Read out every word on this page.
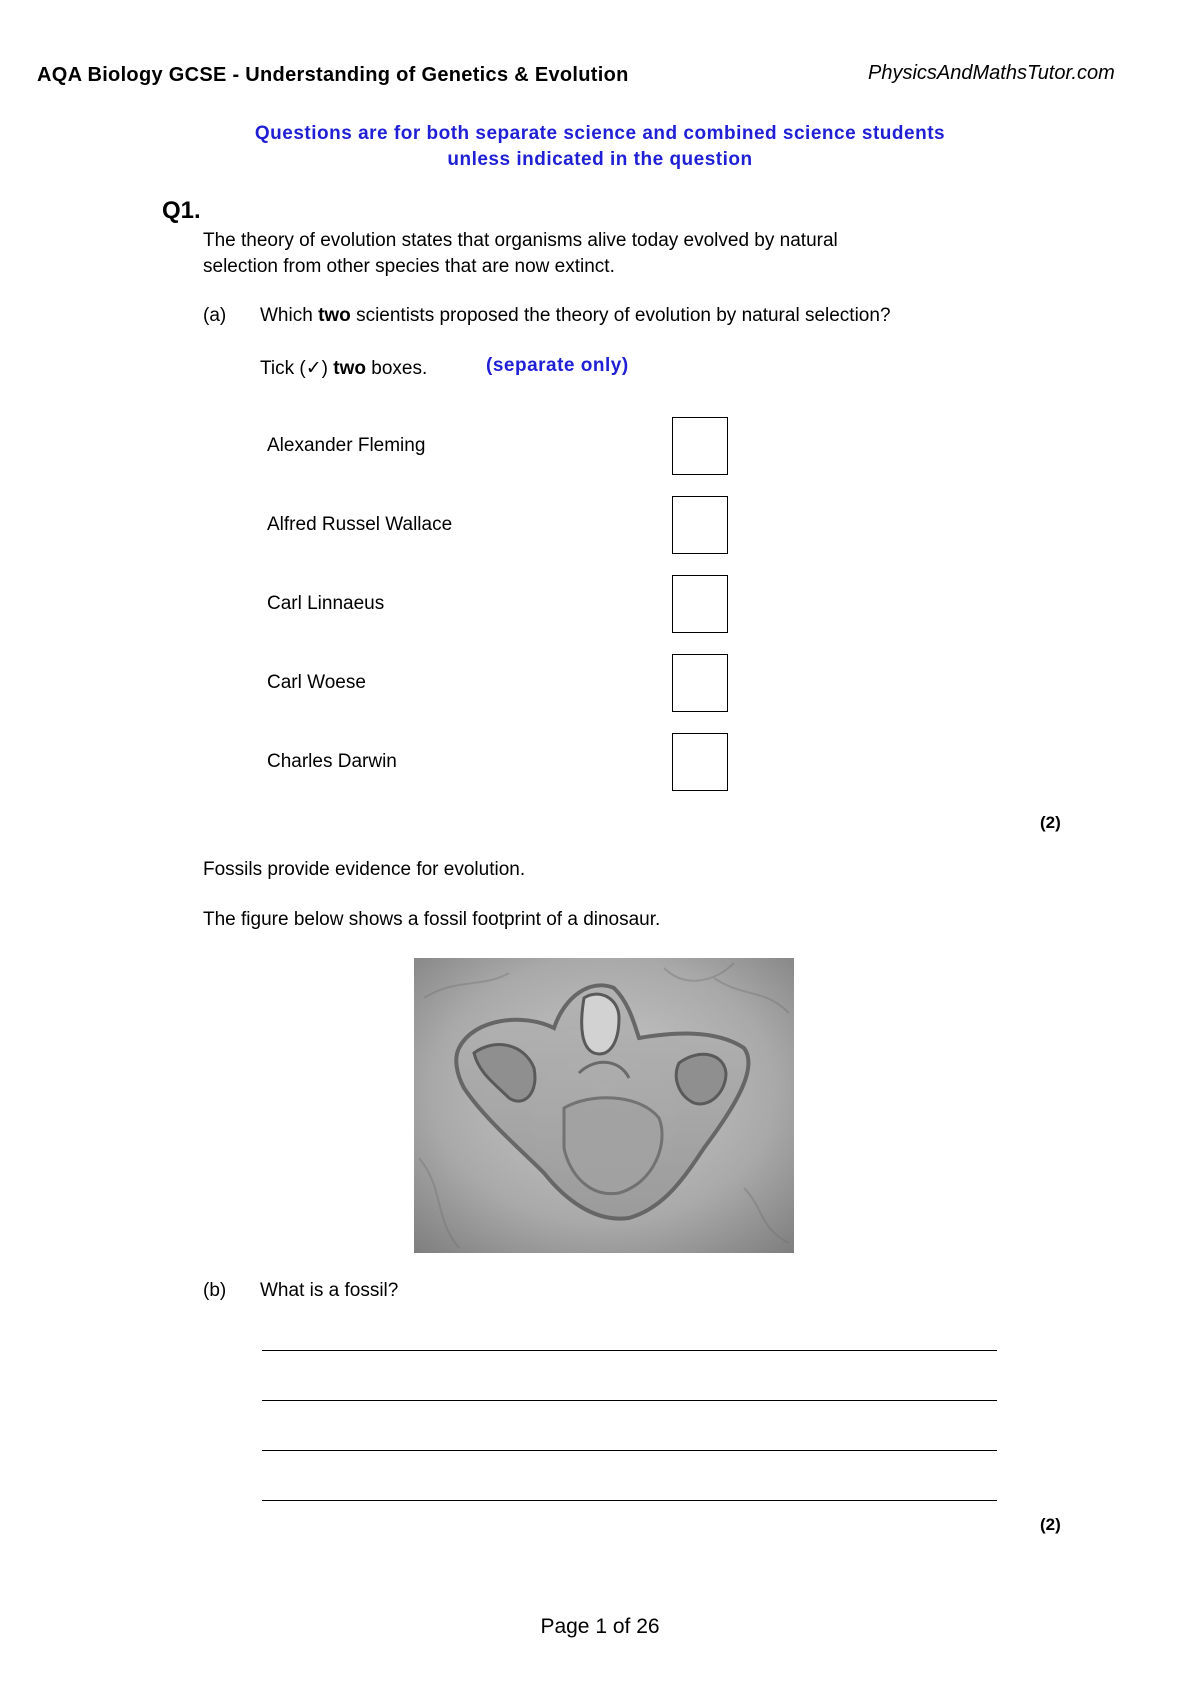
AQA Biology GCSE - Understanding of Genetics & Evolution	PhysicsAndMathsTutor.com
Questions are for both separate science and combined science students
unless indicated in the question
Q1.
The theory of evolution states that organisms alive today evolved by natural
selection from other species that are now extinct.
(a) Which two scientists proposed the theory of evolution by natural selection?
Tick (✓) two boxes.	(separate only)
Alexander Fleming
Alfred Russel Wallace
Carl Linnaeus
Carl Woese
Charles Darwin
(2)
Fossils provide evidence for evolution.
The figure below shows a fossil footprint of a dinosaur.
(b) What is a fossil?
(2)
Page 1 of 26
